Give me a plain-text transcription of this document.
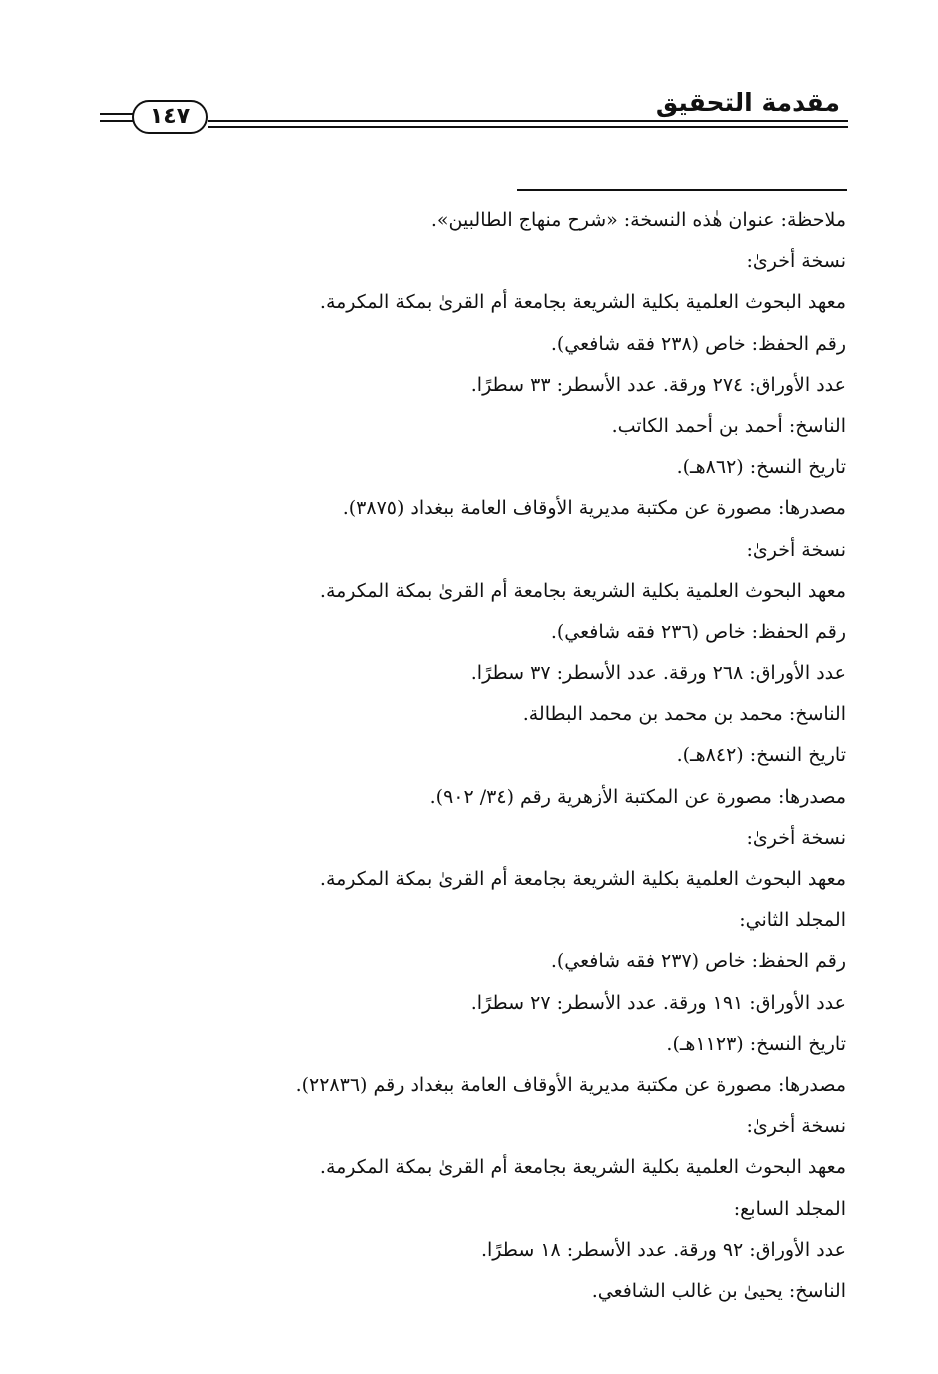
مقدمة التحقيق
١٤٧
ملاحظة: عنوان هٰذه النسخة: «شرح منهاج الطالبين».
نسخة أخرىٰ:
معهد البحوث العلمية بكلية الشريعة بجامعة أم القرىٰ بمكة المكرمة.
رقم الحفظ: خاص (٢٣٨ فقه شافعي).
عدد الأوراق: ٢٧٤ ورقة. عدد الأسطر: ٣٣ سطرًا.
الناسخ: أحمد بن أحمد الكاتب.
تاريخ النسخ: (٨٦٢هـ).
مصدرها: مصورة عن مكتبة مديرية الأوقاف العامة ببغداد (٣٨٧٥).
نسخة أخرىٰ:
معهد البحوث العلمية بكلية الشريعة بجامعة أم القرىٰ بمكة المكرمة.
رقم الحفظ: خاص (٢٣٦ فقه شافعي).
عدد الأوراق: ٢٦٨ ورقة. عدد الأسطر: ٣٧ سطرًا.
الناسخ: محمد بن محمد بن محمد البطالة.
تاريخ النسخ: (٨٤٢هـ).
مصدرها: مصورة عن المكتبة الأزهرية رقم (٣٤/ ٩٠٢).
نسخة أخرىٰ:
معهد البحوث العلمية بكلية الشريعة بجامعة أم القرىٰ بمكة المكرمة.
المجلد الثاني:
رقم الحفظ: خاص (٢٣٧ فقه شافعي).
عدد الأوراق: ١٩١ ورقة. عدد الأسطر: ٢٧ سطرًا.
تاريخ النسخ: (١١٢٣هـ).
مصدرها: مصورة عن مكتبة مديرية الأوقاف العامة ببغداد رقم (٢٢٨٣٦).
نسخة أخرىٰ:
معهد البحوث العلمية بكلية الشريعة بجامعة أم القرىٰ بمكة المكرمة.
المجلد السابع:
عدد الأوراق: ٩٢ ورقة. عدد الأسطر: ١٨ سطرًا.
الناسخ: يحيىٰ بن غالب الشافعي.
